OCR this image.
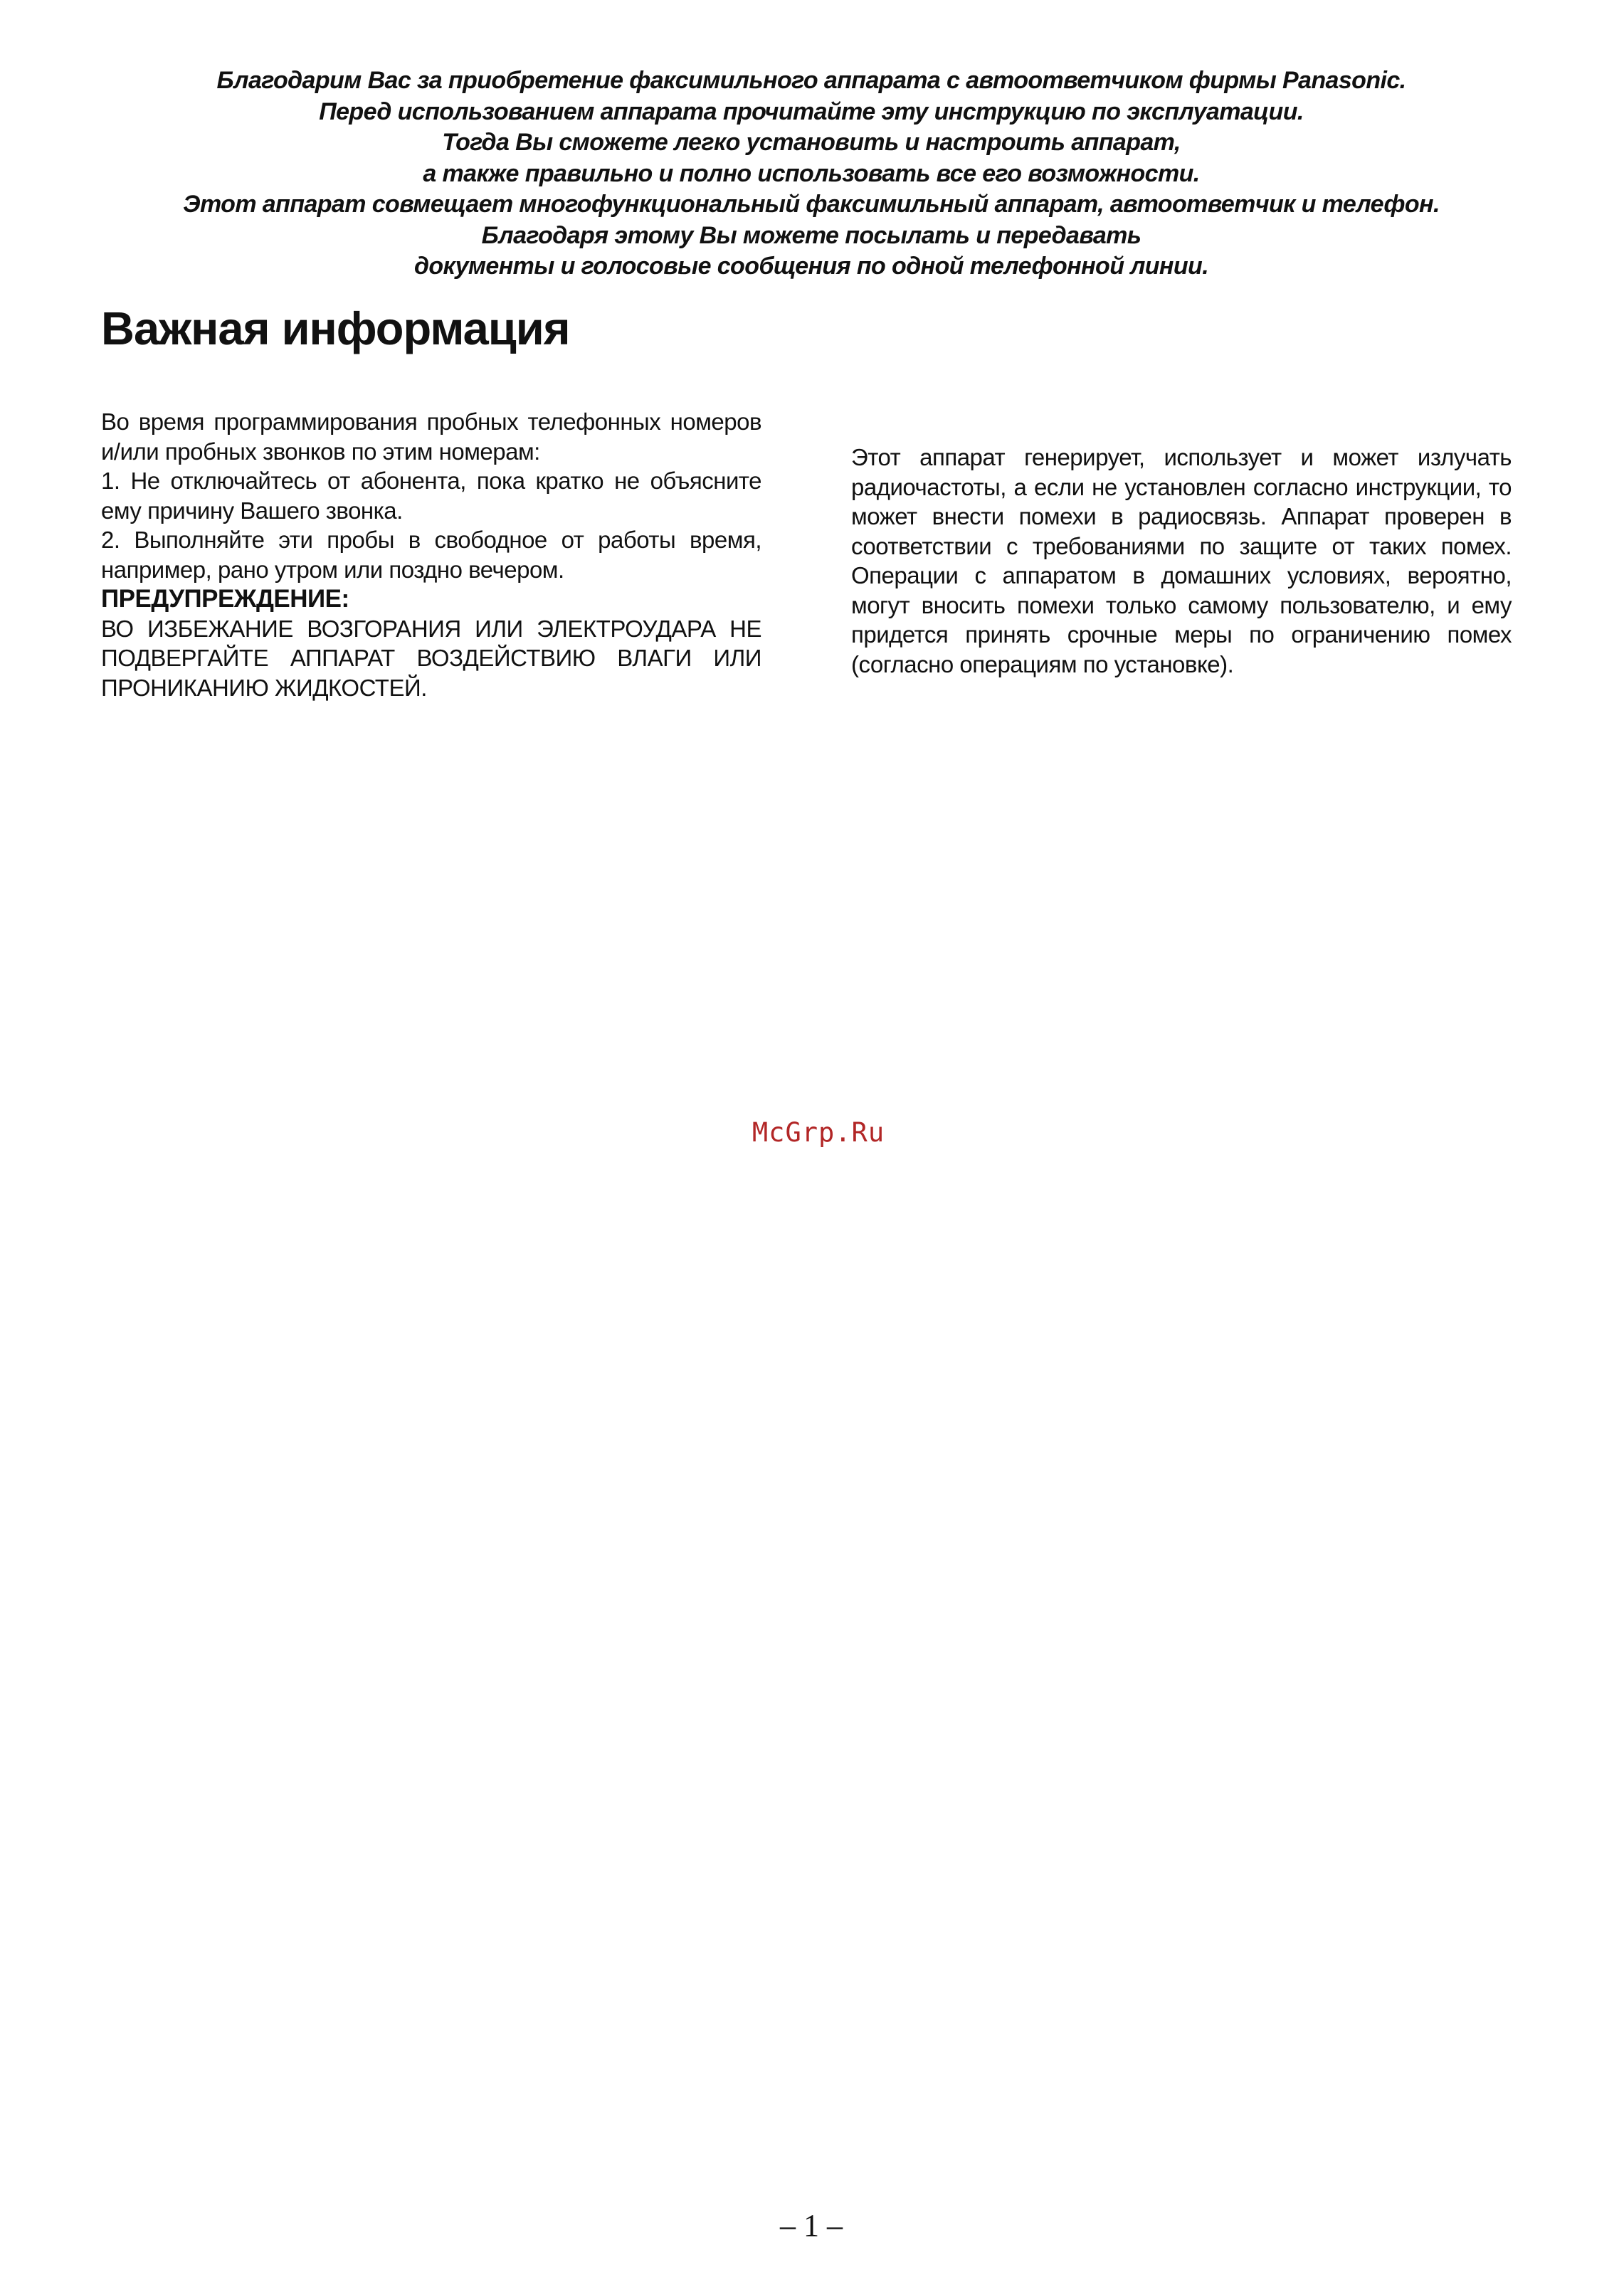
Благодарим Вас за приобретение факсимильного аппарата с автоответчиком фирмы Panasonic.
Перед использованием аппарата прочитайте эту инструкцию по эксплуатации.
Тогда Вы сможете легко установить и настроить аппарат,
а также правильно и полно использовать все его возможности.
Этот аппарат совмещает многофункциональный факсимильный аппарат, автоответчик и телефон.
Благодаря этому Вы можете посылать и передавать
документы и голосовые сообщения по одной телефонной линии.
Важная информация

Во время программирования пробных телефонных номеров и/или пробных звонков по этим номерам:

1. Не отключайтесь от абонента, пока кратко не объясните ему причину Вашего звонка.

2. Выполняйте эти пробы в свободное от работы время, например, рано утром или поздно вечером.

ПРЕДУПРЕЖДЕНИЕ:

ВО ИЗБЕЖАНИЕ ВОЗГОРАНИЯ ИЛИ ЭЛЕКТРОУДАРА НЕ ПОДВЕРГАЙТЕ АППАРАТ ВОЗДЕЙСТВИЮ ВЛАГИ ИЛИ ПРОНИКАНИЮ ЖИДКОСТЕЙ.

Этот аппарат генерирует, использует и может излучать радиочастоты, а если не установлен согласно инструкции, то может внести помехи в радиосвязь. Аппарат проверен в соответствии с требованиями по защите от таких помех. Операции с аппаратом в домашних условиях, вероятно, могут вносить помехи только самому пользователю, и ему придется принять срочные меры по ограничению помех (согласно операциям по установке).

McGrp.Ru
– 1 –
